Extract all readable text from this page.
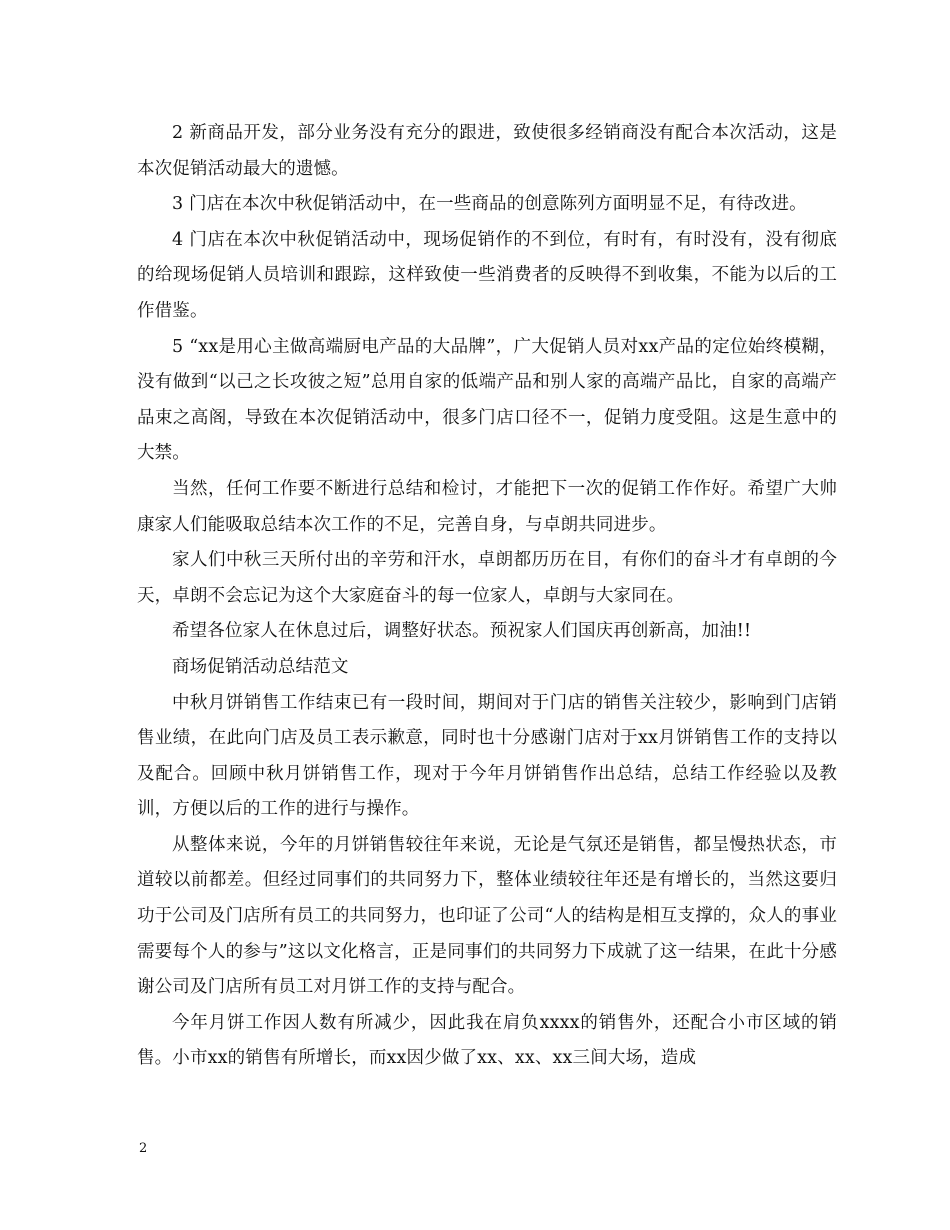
2 新商品开发，部分业务没有充分的跟进，致使很多经销商没有配合本次活动，这是本次促销活动最大的遗憾。

3 门店在本次中秋促销活动中，在一些商品的创意陈列方面明显不足，有待改进。

4 门店在本次中秋促销活动中，现场促销作的不到位，有时有，有时没有，没有彻底的给现场促销人员培训和跟踪，这样致使一些消费者的反映得不到收集，不能为以后的工作借鉴。

5 “xx是用心主做高端厨电产品的大品牌”，广大促销人员对xx产品的定位始终模糊，没有做到“以己之长攻彼之短”总用自家的低端产品和别人家的高端产品比，自家的高端产品束之高阁，导致在本次促销活动中，很多门店口径不一，促销力度受阻。这是生意中的大禁。

当然，任何工作要不断进行总结和检讨，才能把下一次的促销工作作好。希望广大帅康家人们能吸取总结本次工作的不足，完善自身，与卓朗共同进步。

家人们中秋三天所付出的辛劳和汗水，卓朗都历历在目，有你们的奋斗才有卓朗的今天，卓朗不会忘记为这个大家庭奋斗的每一位家人，卓朗与大家同在。

希望各位家人在休息过后，调整好状态。预祝家人们国庆再创新高，加油!!

商场促销活动总结范文

中秋月饼销售工作结束已有一段时间，期间对于门店的销售关注较少，影响到门店销售业绩，在此向门店及员工表示歉意，同时也十分感谢门店对于xx月饼销售工作的支持以及配合。回顾中秋月饼销售工作，现对于今年月饼销售作出总结，总结工作经验以及教训，方便以后的工作的进行与操作。

从整体来说，今年的月饼销售较往年来说，无论是气氛还是销售，都呈慢热状态，市道较以前都差。但经过同事们的共同努力下，整体业绩较往年还是有增长的，当然这要归功于公司及门店所有员工的共同努力，也印证了公司“人的结构是相互支撑的，众人的事业需要每个人的参与”这以文化格言，正是同事们的共同努力下成就了这一结果，在此十分感谢公司及门店所有员工对月饼工作的支持与配合。

今年月饼工作因人数有所减少，因此我在肩负xxxx的销售外，还配合小市区域的销售。小市xx的销售有所增长，而xx因少做了xx、xx、xx三间大场，造成

2
